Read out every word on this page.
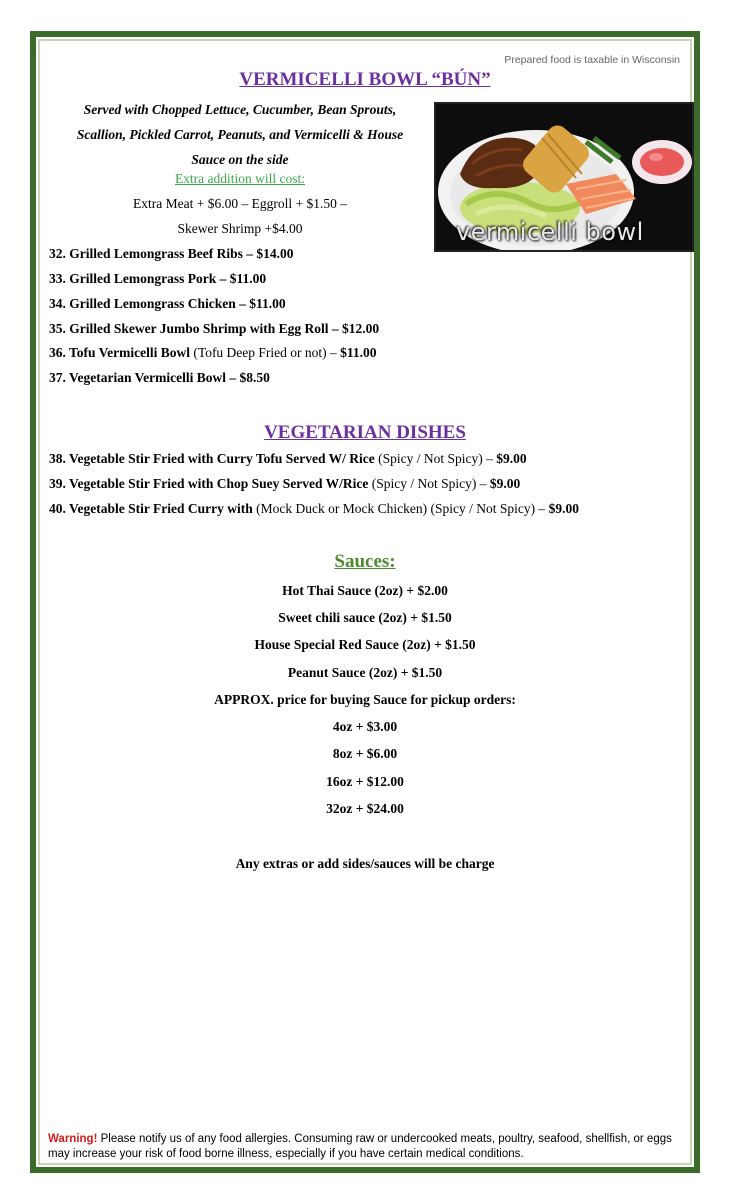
Prepared food is taxable in Wisconsin
VERMICELLI BOWL “BÚN”
Served with Chopped Lettuce, Cucumber, Bean Sprouts,
Scallion, Pickled Carrot, Peanuts, and Vermicelli & House
Sauce on the side
Extra addition will cost:
Extra Meat + $6.00 – Eggroll + $1.50 –
Skewer Shrimp +$4.00	vermicelli bowl
32. Grilled Lemongrass Beef Ribs – $14.00
33. Grilled Lemongrass Pork – $11.00
34. Grilled Lemongrass Chicken – $11.00
35. Grilled Skewer Jumbo Shrimp with Egg Roll – $12.00
36. Tofu Vermicelli Bowl (Tofu Deep Fried or not) – $11.00
37. Vegetarian Vermicelli Bowl – $8.50
VEGETARIAN DISHES
38. Vegetable Stir Fried with Curry Tofu Served W/ Rice (Spicy / Not Spicy) – $9.00
39. Vegetable Stir Fried with Chop Suey Served W/Rice (Spicy / Not Spicy) – $9.00
40. Vegetable Stir Fried Curry with (Mock Duck or Mock Chicken) (Spicy / Not Spicy) – $9.00
Sauces:
Hot Thai Sauce (2oz) + $2.00
Sweet chili sauce (2oz) + $1.50
House Special Red Sauce (2oz) + $1.50
Peanut Sauce (2oz) + $1.50
APPROX. price for buying Sauce for pickup orders:
4oz + $3.00
8oz + $6.00
16oz + $12.00
32oz + $24.00
Any extras or add sides/sauces will be charge
Warning! Please notify us of any food allergies. Consuming raw or undercooked meats, poultry, seafood, shellfish, or eggs may increase your risk of food borne illness, especially if you have certain medical conditions.
